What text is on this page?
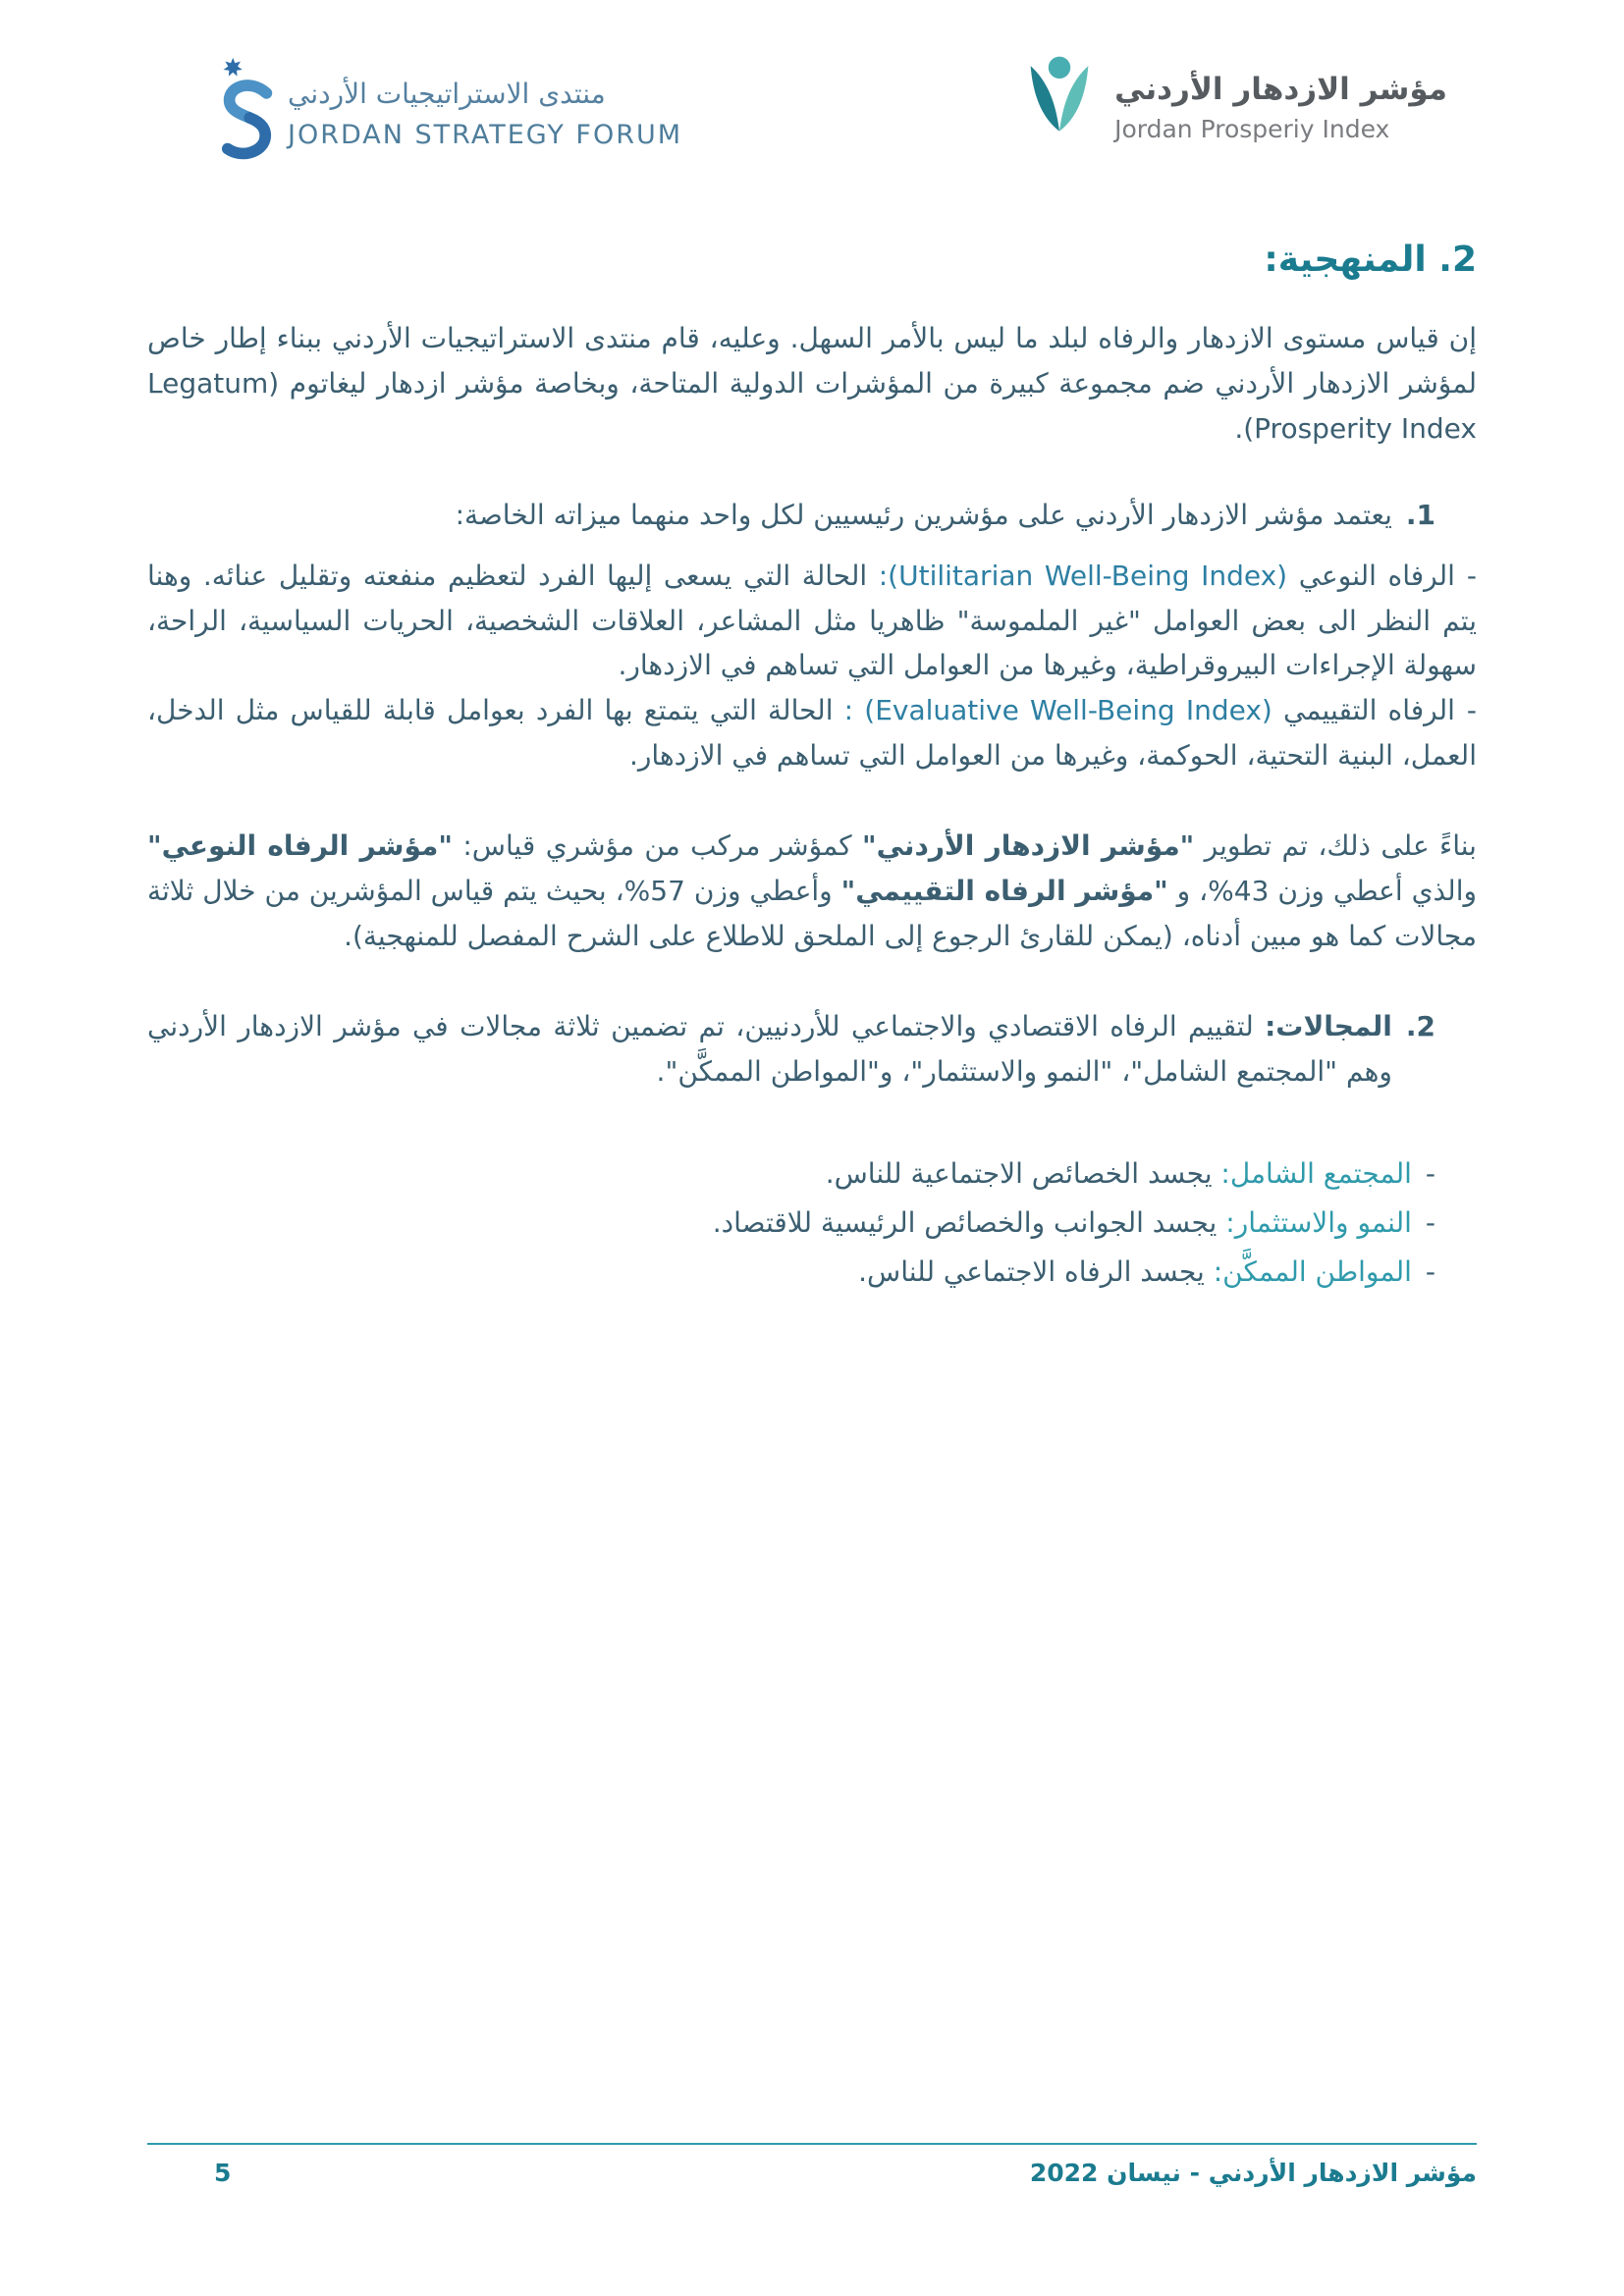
منتدى الاستراتيجيات الأردني
JORDAN STRATEGY FORUM
مؤشر الازدهار الأردني
Jordan Prosperiy Index
2. المنهجية:

إن قياس مستوى الازدهار والرفاه لبلد ما ليس بالأمر السهل. وعليه، قام منتدى الاستراتيجيات الأردني ببناء إطار خاص لمؤشر الازدهار الأردني ضم مجموعة كبيرة من المؤشرات الدولية المتاحة، وبخاصة مؤشر ازدهار ليغاتوم (Legatum Prosperity Index).

1.
يعتمد مؤشر الازدهار الأردني على مؤشرين رئيسيين لكل واحد منهما ميزاته الخاصة:

-الرفاه النوعي (Utilitarian Well-Being Index): الحالة التي يسعى إليها الفرد لتعظيم منفعته وتقليل عنائه. وهنا يتم النظر الى بعض العوامل "غير الملموسة" ظاهريا مثل المشاعر، العلاقات الشخصية، الحريات السياسية، الراحة، سهولة الإجراءات البيروقراطية، وغيرها من العوامل التي تساهم في الازدهار.

-الرفاه التقييمي (Evaluative Well-Being Index) : الحالة التي يتمتع بها الفرد بعوامل قابلة للقياس مثل الدخل، العمل، البنية التحتية، الحوكمة، وغيرها من العوامل التي تساهم في الازدهار.

بناءً على ذلك، تم تطوير "مؤشر الازدهار الأردني" كمؤشر مركب من مؤشري قياس: "مؤشر الرفاه النوعي" والذي أعطي وزن 43%، و "مؤشر الرفاه التقييمي" وأعطي وزن 57%، بحيث يتم قياس المؤشرين من خلال ثلاثة مجالات كما هو مبين أدناه، (يمكن للقارئ الرجوع إلى الملحق للاطلاع على الشرح المفصل للمنهجية).

2.
المجالات: لتقييم الرفاه الاقتصادي والاجتماعي للأردنيين، تم تضمين ثلاثة مجالات في مؤشر الازدهار الأردني وهم "المجتمع الشامل"، "النمو والاستثمار"، و"المواطن الممكَّن".
-
المجتمع الشامل: يجسد الخصائص الاجتماعية للناس.
-
النمو والاستثمار: يجسد الجوانب والخصائص الرئيسية للاقتصاد.
-
المواطن الممكَّن: يجسد الرفاه الاجتماعي للناس.
5	مؤشر الازدهار الأردني - نيسان 2022
